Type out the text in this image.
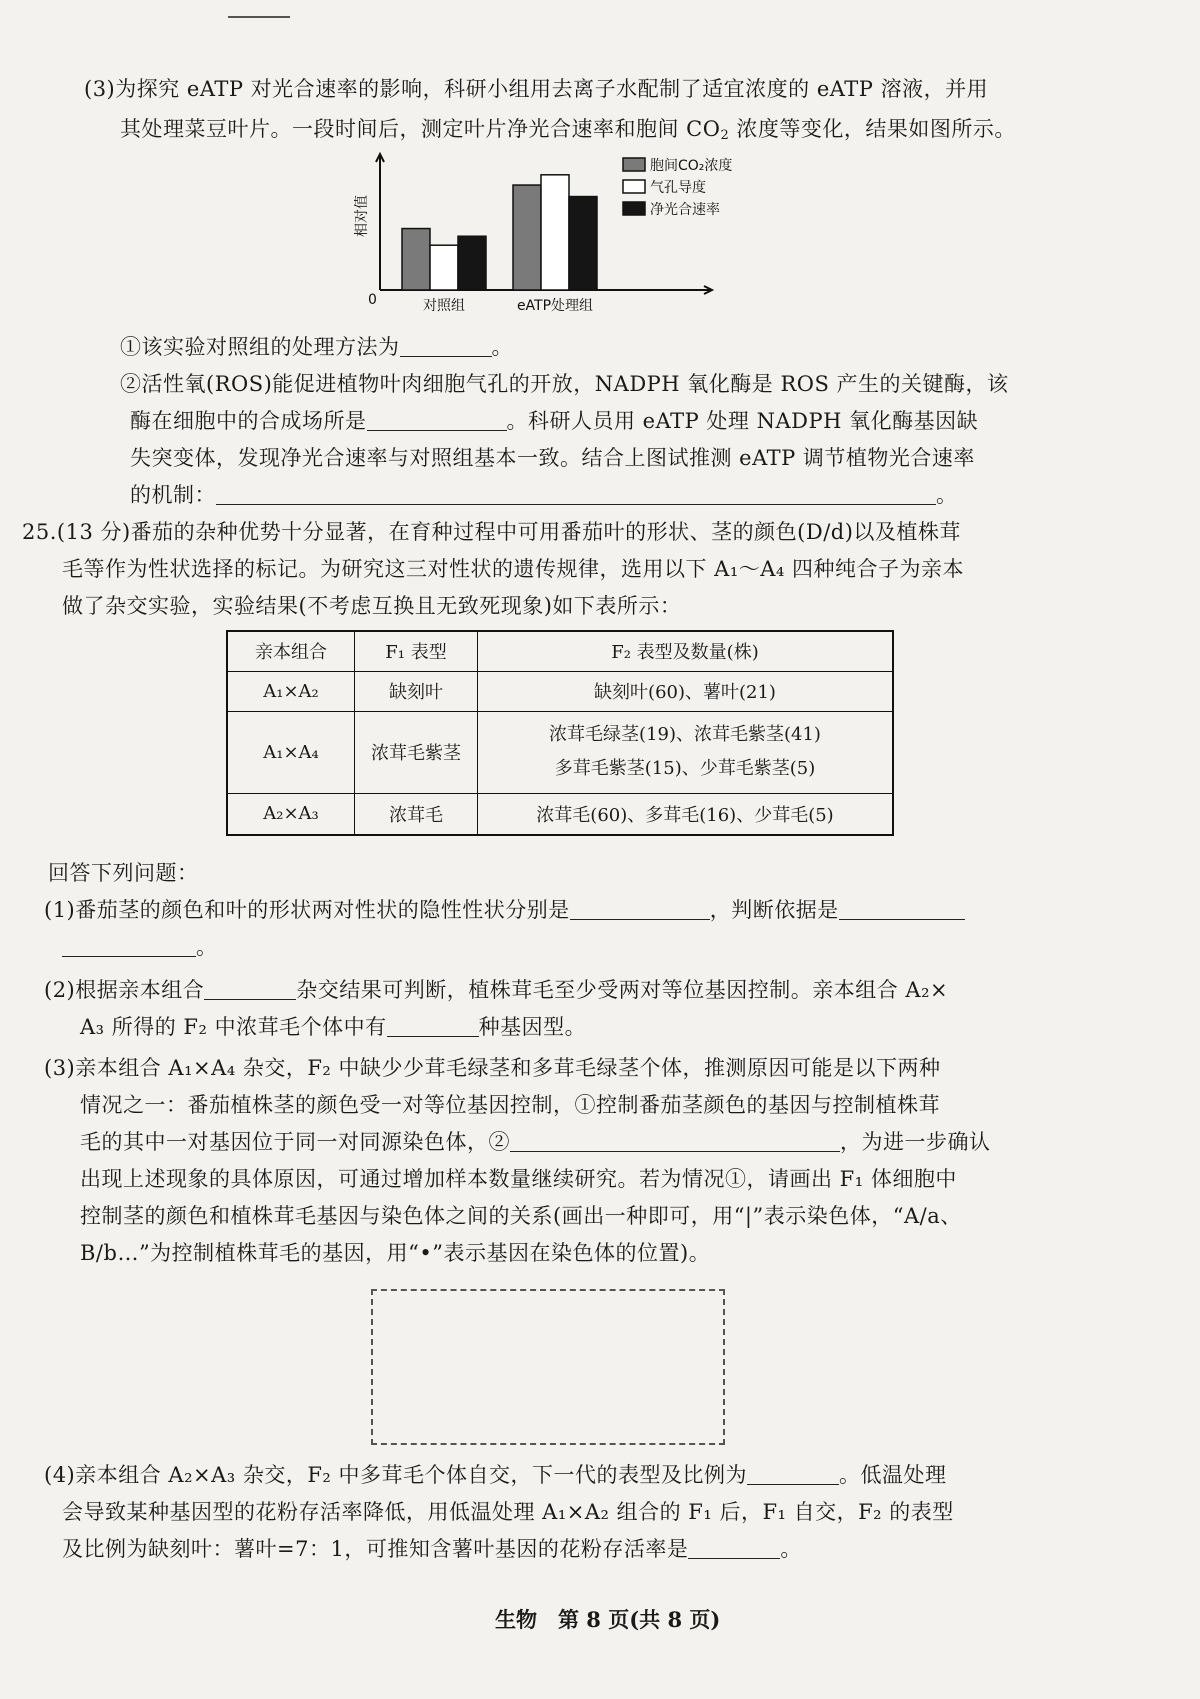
(3)为探究 eATP 对光合速率的影响，科研小组用去离子水配制了适宜浓度的 eATP 溶液，并用
其处理菜豆叶片。一段时间后，测定叶片净光合速率和胞间 $CO_2$ 浓度等变化，结果如图所示。
0
相对值
对照组	eATP处理组
胞间CO₂浓度
气孔导度
净光合速率
①该实验对照组的处理方法为	。
②活性氧(ROS)能促进植物叶肉细胞气孔的开放，NADPH 氧化酶是 ROS 产生的关键酶，该
酶在细胞中的合成场所是	。科研人员用 eATP 处理 NADPH 氧化酶基因缺
失突变体，发现净光合速率与对照组基本一致。结合上图试推测 eATP 调节植物光合速率
的机制：	。
25.(13 分)番茄的杂种优势十分显著，在育种过程中可用番茄叶的形状、茎的颜色(D/d)以及植株茸
毛等作为性状选择的标记。为研究这三对性状的遗传规律，选用以下 A₁～A₄ 四种纯合子为亲本
做了杂交实验，实验结果(不考虑互换且无致死现象)如下表所示：
亲本组合	F₁ 表型	F₂ 表型及数量(株)
A₁×A₂	缺刻叶	缺刻叶(60)、薯叶(21)
A₁×A₄	浓茸毛紫茎	浓茸毛绿茎(19)、浓茸毛紫茎(41)
多茸毛紫茎(15)、少茸毛紫茎(5)

A₂×A₃	浓茸毛	浓茸毛(60)、多茸毛(16)、少茸毛(5)
回答下列问题：
(1)番茄茎的颜色和叶的形状两对性状的隐性性状分别是	，判断依据是
。
(2)根据亲本组合	杂交结果可判断，植株茸毛至少受两对等位基因控制。亲本组合 A₂×
A₃ 所得的 F₂ 中浓茸毛个体中有	种基因型。
(3)亲本组合 A₁×A₄ 杂交，F₂ 中缺少少茸毛绿茎和多茸毛绿茎个体，推测原因可能是以下两种
情况之一：番茄植株茎的颜色受一对等位基因控制，①控制番茄茎颜色的基因与控制植株茸
毛的其中一对基因位于同一对同源染色体，②	，为进一步确认
出现上述现象的具体原因，可通过增加样本数量继续研究。若为情况①，请画出 F₁ 体细胞中
控制茎的颜色和植株茸毛基因与染色体之间的关系(画出一种即可，用“|”表示染色体，“A/a、
B/b…”为控制植株茸毛的基因，用“•”表示基因在染色体的位置)。
(4)亲本组合 A₂×A₃ 杂交，F₂ 中多茸毛个体自交，下一代的表型及比例为	。低温处理
会导致某种基因型的花粉存活率降低，用低温处理 A₁×A₂ 组合的 F₁ 后，F₁ 自交，F₂ 的表型
及比例为缺刻叶：薯叶=7：1，可推知含薯叶基因的花粉存活率是	。
生物　第 8 页(共 8 页)
